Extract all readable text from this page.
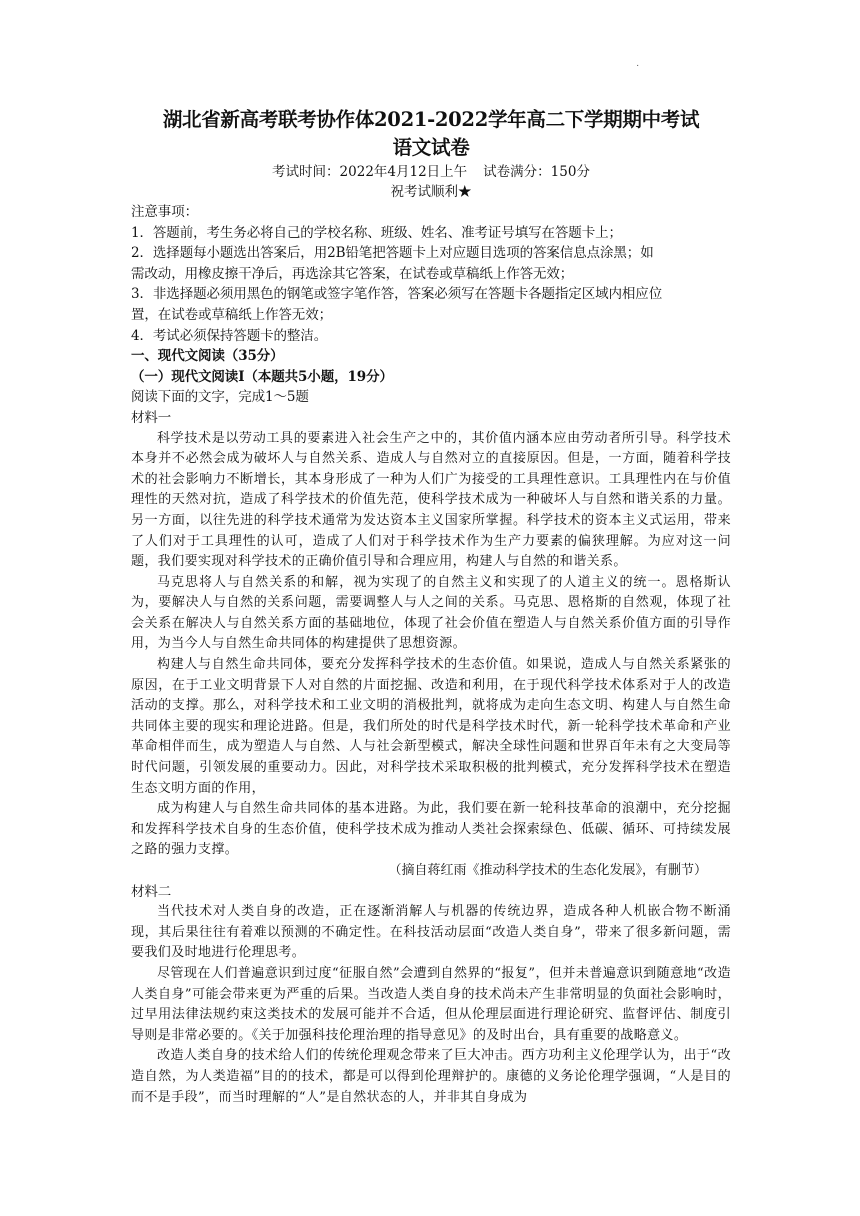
·
湖北省新高考联考协作体2021-2022学年高二下学期期中考试
语文试卷
考试时间：2022年4月12日上午 试卷满分：150分
祝考试顺利★
注意事项：
1．答题前，考生务必将自己的学校名称、班级、姓名、准考证号填写在答题卡上；
2．选择题每小题选出答案后，用2B铅笔把答题卡上对应题目选项的答案信息点涂黑；如
需改动，用橡皮擦干净后，再选涂其它答案，在试卷或草稿纸上作答无效；
3．非选择题必须用黑色的钢笔或签字笔作答，答案必须写在答题卡各题指定区域内相应位
置，在试卷或草稿纸上作答无效；
4．考试必须保持答题卡的整洁。
一、现代文阅读（35分）
（一）现代文阅读I（本题共5小题，19分）
阅读下面的文字，完成1～5题
材料一

科学技术是以劳动工具的要素进入社会生产之中的，其价值内涵本应由劳动者所引导。科学技术本身并不必然会成为破坏人与自然关系、造成人与自然对立的直接原因。但是，一方面，随着科学技术的社会影响力不断增长，其本身形成了一种为人们广为接受的工具理性意识。工具理性内在与价值理性的天然对抗，造成了科学技术的价值先范，使科学技术成为一种破坏人与自然和谐关系的力量。另一方面，以往先进的科学技术通常为发达资本主义国家所掌握。科学技术的资本主义式运用，带来了人们对于工具理性的认可，造成了人们对于科学技术作为生产力要素的偏狭理解。为应对这一问题，我们要实现对科学技术的正确价值引导和合理应用，构建人与自然的和谐关系。

马克思将人与自然关系的和解，视为实现了的自然主义和实现了的人道主义的统一。恩格斯认为，要解决人与自然的关系问题，需要调整人与人之间的关系。马克思、恩格斯的自然观，体现了社会关系在解决人与自然关系方面的基础地位，体现了社会价值在塑造人与自然关系价值方面的引导作用，为当今人与自然生命共同体的构建提供了思想资源。

构建人与自然生命共同体，要充分发挥科学技术的生态价值。如果说，造成人与自然关系紧张的原因，在于工业文明背景下人对自然的片面挖掘、改造和利用，在于现代科学技术体系对于人的改造活动的支撑。那么，对科学技术和工业文明的消极批判，就将成为走向生态文明、构建人与自然生命共同体主要的现实和理论进路。但是，我们所处的时代是科学技术时代，新一轮科学技术革命和产业革命相伴而生，成为塑造人与自然、人与社会新型模式，解决全球性问题和世界百年未有之大变局等时代问题，引领发展的重要动力。因此，对科学技术采取积极的批判模式，充分发挥科学技术在塑造生态文明方面的作用，

成为构建人与自然生命共同体的基本进路。为此，我们要在新一轮科技革命的浪潮中，充分挖掘和发挥科学技术自身的生态价值，使科学技术成为推动人类社会探索绿色、低碳、循环、可持续发展之路的强力支撑。

（摘自蒋红雨《推动科学技术的生态化发展》，有删节）
材料二

当代技术对人类自身的改造，正在逐渐消解人与机器的传统边界，造成各种人机嵌合物不断涌现，其后果往往有着难以预测的不确定性。在科技活动层面“改造人类自身”，带来了很多新问题，需要我们及时地进行伦理思考。

尽管现在人们普遍意识到过度“征服自然”会遭到自然界的“报复”，但并未普遍意识到随意地“改造人类自身”可能会带来更为严重的后果。当改造人类自身的技术尚未产生非常明显的负面社会影响时，过早用法律法规约束这类技术的发展可能并不合适，但从伦理层面进行理论研究、监督评估、制度引导则是非常必要的。《关于加强科技伦理治理的指导意见》的及时出台，具有重要的战略意义。

改造人类自身的技术给人们的传统伦理观念带来了巨大冲击。西方功利主义伦理学认为，出于“改造自然，为人类造福”目的的技术，都是可以得到伦理辩护的。康德的义务论伦理学强调，“人是目的而不是手段”，而当时理解的“人”是自然状态的人，并非其自身成为
